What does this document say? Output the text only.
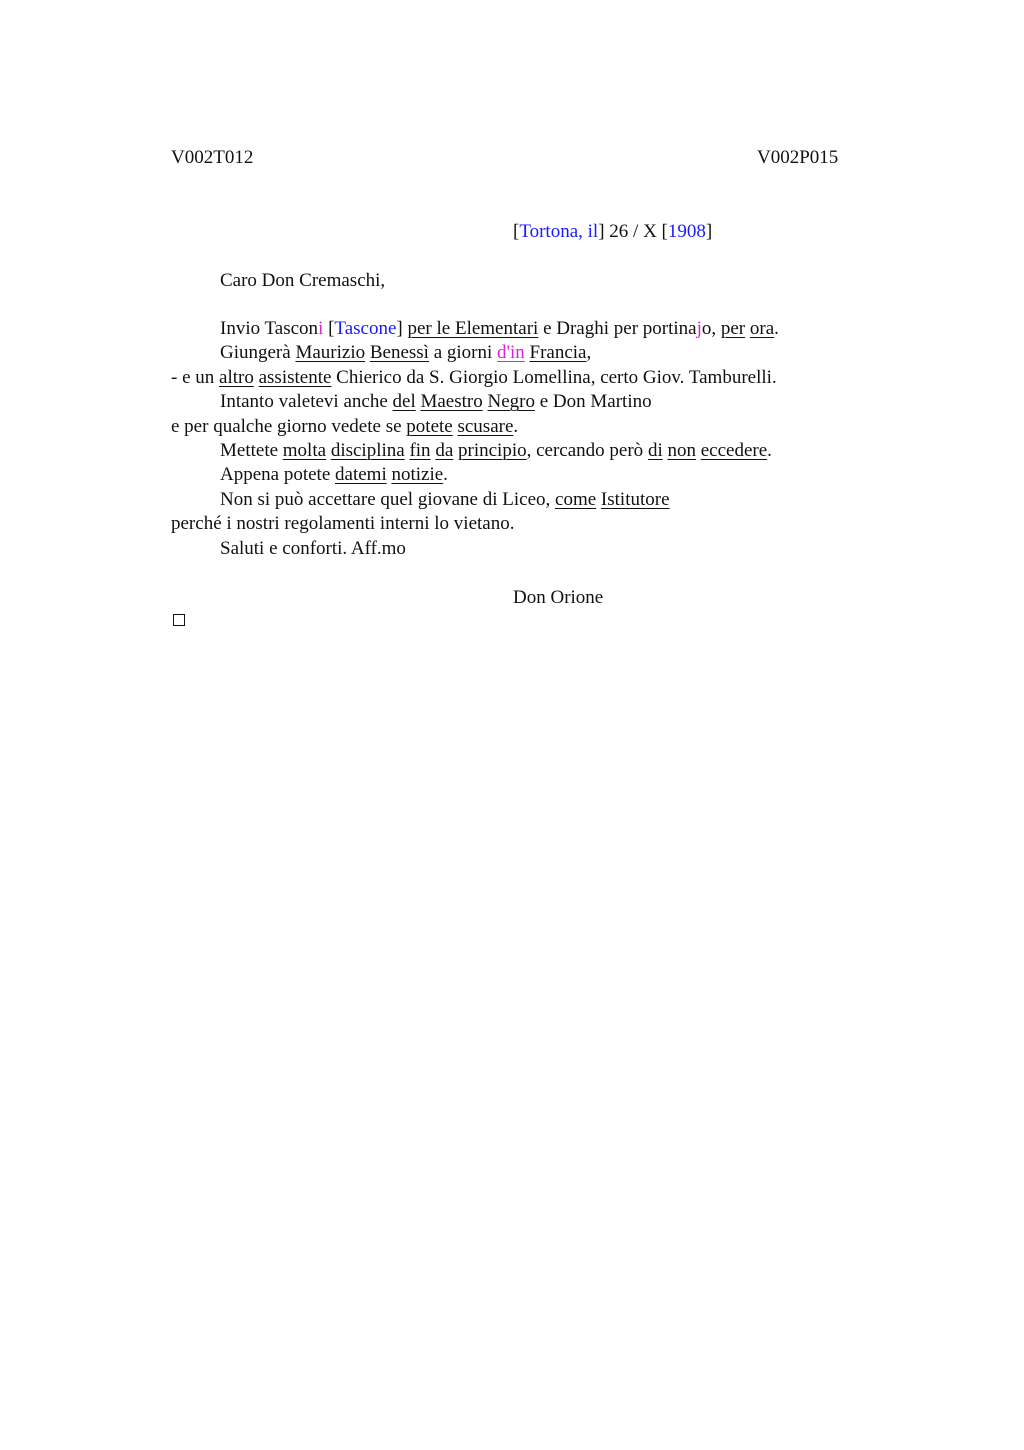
V002T012	V002P015
[Tortona, il] 26 / X [1908]
Caro Don Cremaschi,
Invio Tasconi [Tascone] per le Elementari e Draghi per portinajo, per ora.
Giungerà Maurizio Benessì a giorni d'in Francia,
- e un altro assistente Chierico da S. Giorgio Lomellina, certo Giov. Tamburelli.
Intanto valetevi anche del Maestro Negro e Don Martino
e per qualche giorno vedete se potete scusare.
Mettete molta disciplina fin da principio, cercando però di non eccedere.
Appena potete datemi notizie.
Non si può accettare quel giovane di Liceo, come Istitutore
perché i nostri regolamenti interni lo vietano.
Saluti e conforti. Aff.mo
Don Orione
